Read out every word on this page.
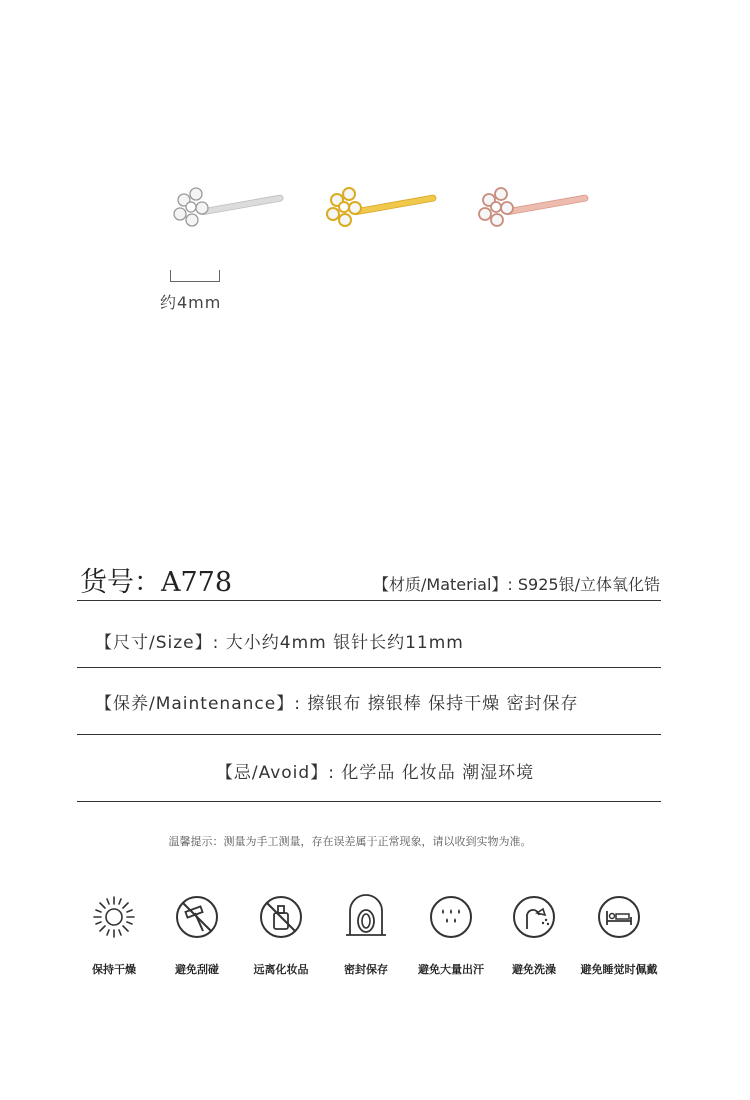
约4mm
货号：A778	【材质/Material】: S925银/立体氧化锆
【尺寸/Size】: 大小约4mm 银针长约11mm
【保养/Maintenance】: 擦银布 擦银棒 保持干燥 密封保存
【忌/Avoid】: 化学品 化妆品 潮湿环境
温馨提示：测量为手工测量，存在误差属于正常现象，请以收到实物为准。
保持干燥	避免刮碰	远离化妆品	密封保存	避免大量出汗	避免洗澡	避免睡觉时佩戴
